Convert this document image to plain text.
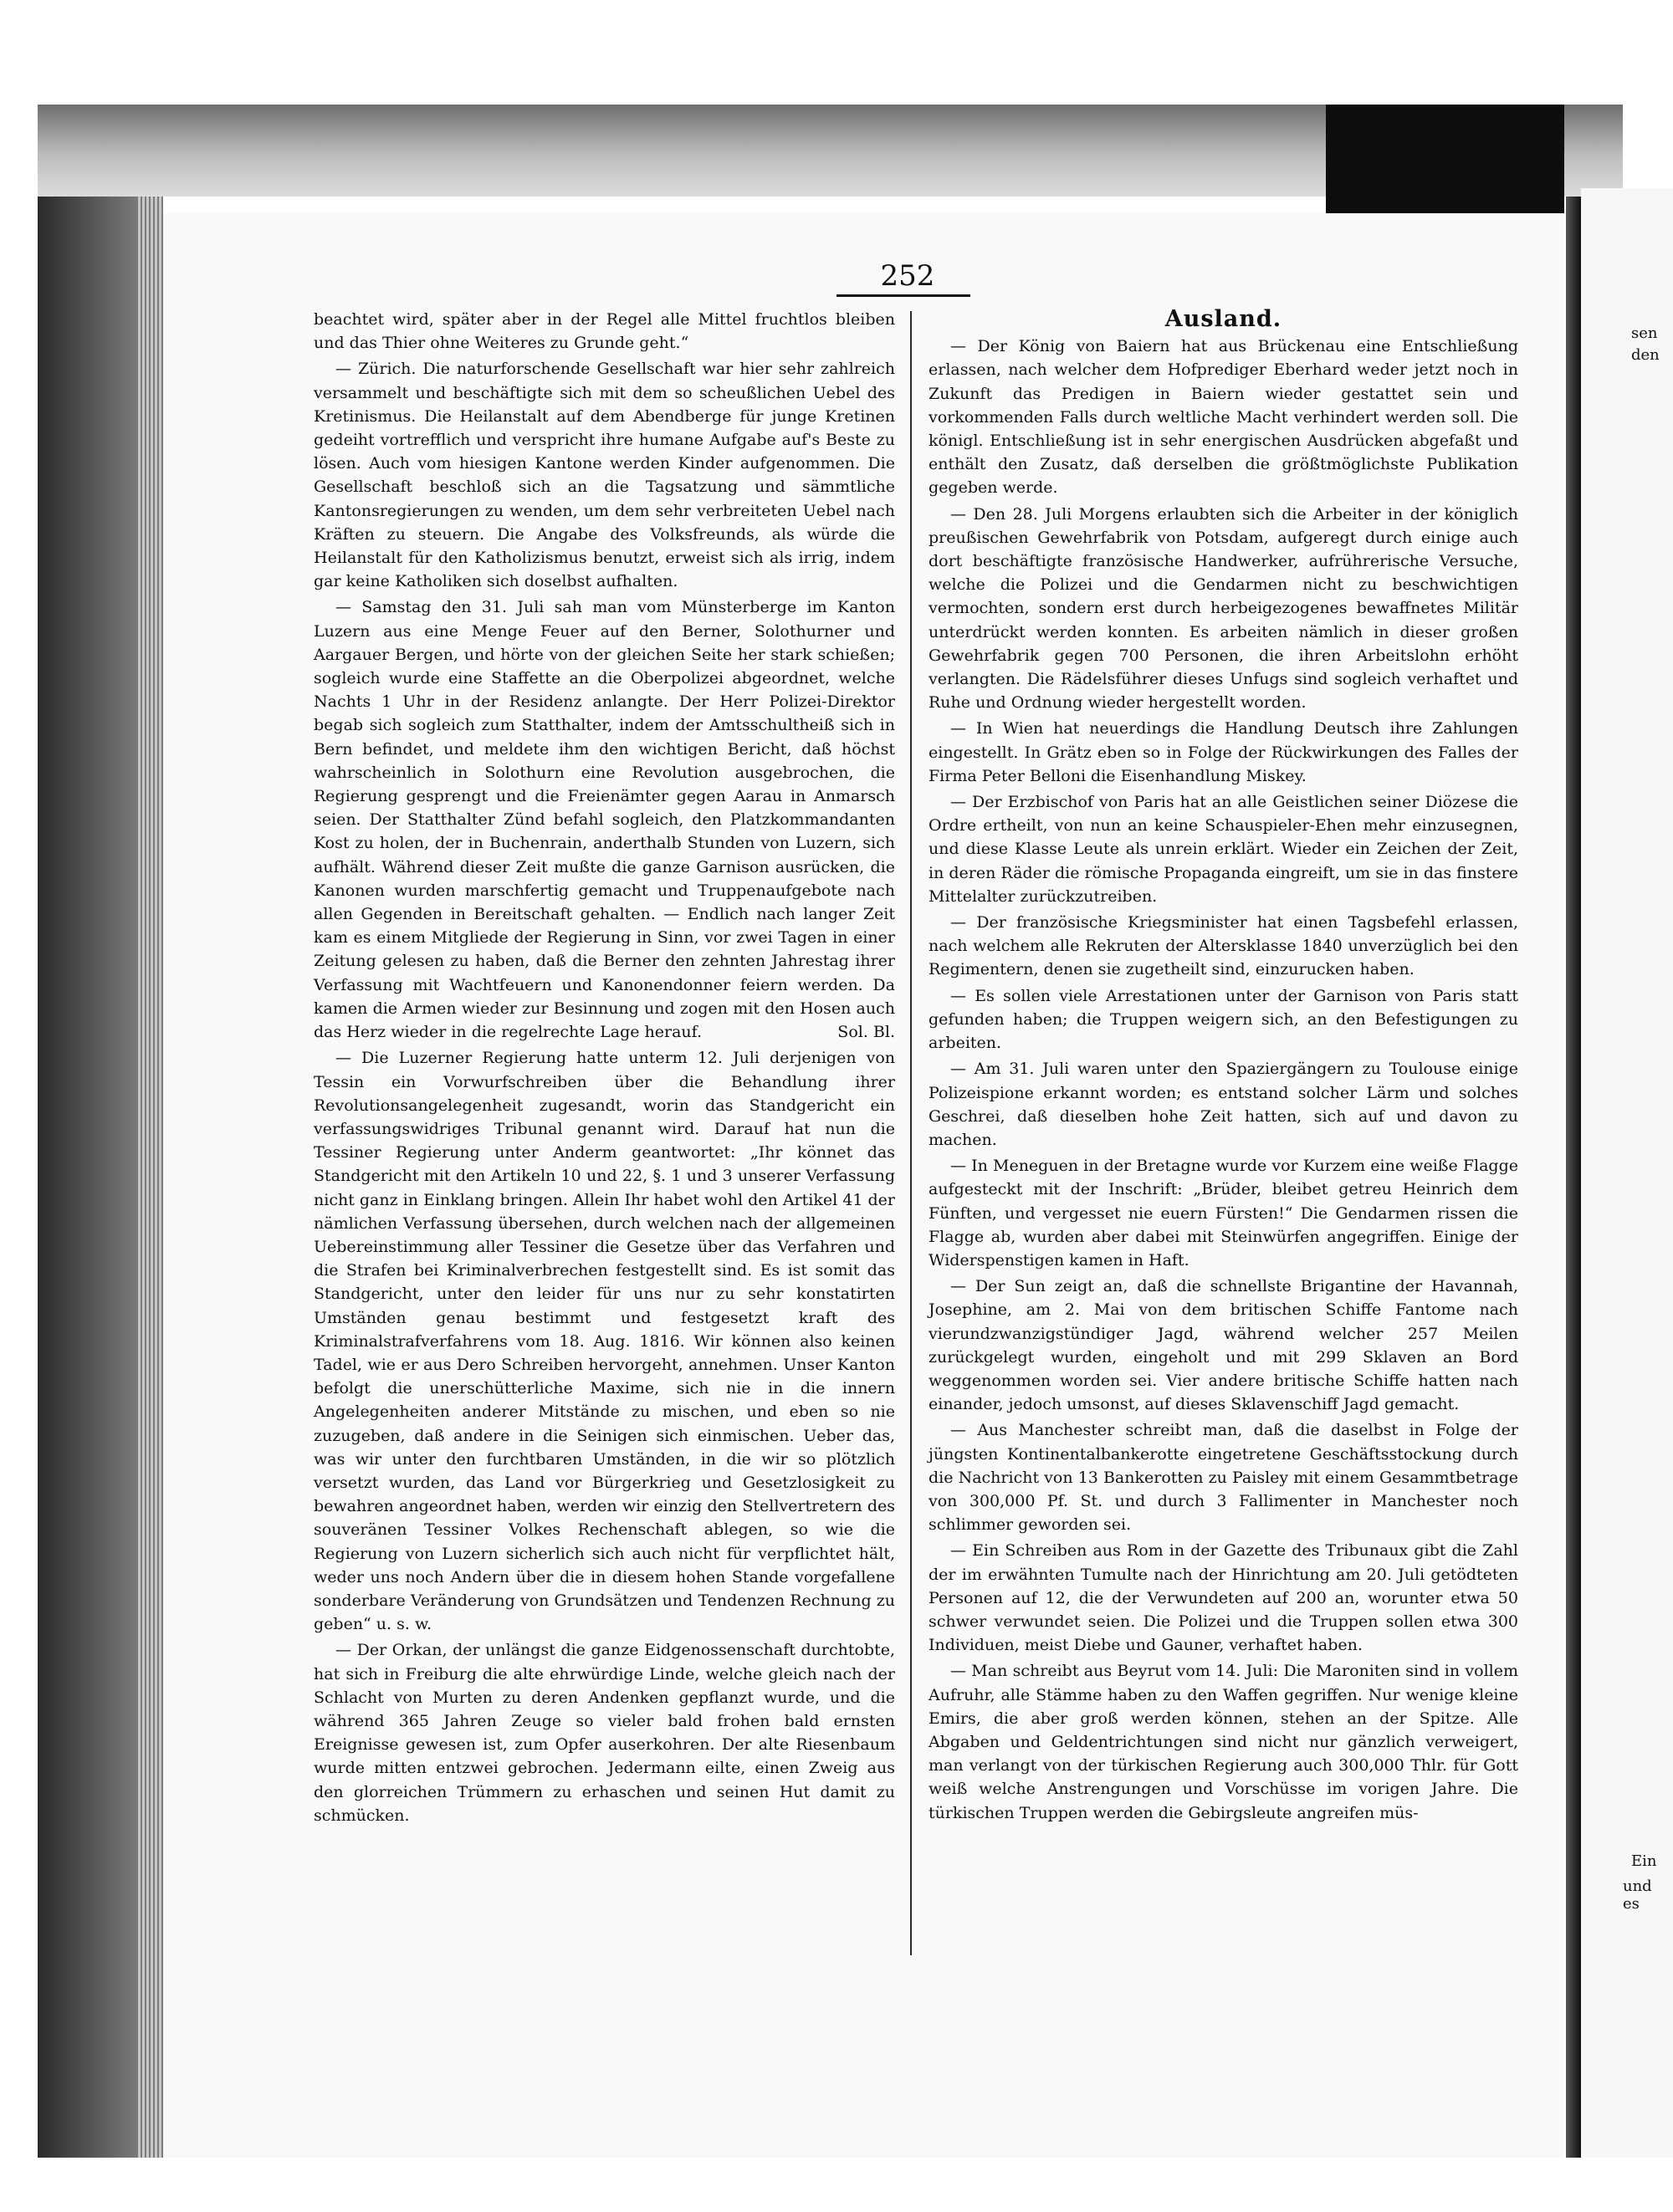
252

beachtet wird, später aber in der Regel alle Mittel fruchtlos bleiben und das Thier ohne Weiteres zu Grunde geht.“

— Zürich. Die naturforschende Gesellschaft war hier sehr zahlreich versammelt und beschäftigte sich mit dem so scheußlichen Uebel des Kretinismus. Die Heilanstalt auf dem Abendberge für junge Kretinen gedeiht vortrefflich und verspricht ihre humane Aufgabe auf's Beste zu lösen. Auch vom hiesigen Kantone werden Kinder aufgenommen. Die Gesellschaft beschloß sich an die Tagsatzung und sämmtliche Kantonsregierungen zu wenden, um dem sehr verbreiteten Uebel nach Kräften zu steuern. Die Angabe des Volksfreunds, als würde die Heilanstalt für den Katholizismus benutzt, erweist sich als irrig, indem gar keine Katholiken sich doselbst aufhalten.

— Samstag den 31. Juli sah man vom Münsterberge im Kanton Luzern aus eine Menge Feuer auf den Berner, Solothurner und Aargauer Bergen, und hörte von der gleichen Seite her stark schießen; sogleich wurde eine Staffette an die Oberpolizei abgeordnet, welche Nachts 1 Uhr in der Residenz anlangte. Der Herr Polizei-Direktor begab sich sogleich zum Statthalter, indem der Amtsschultheiß sich in Bern befindet, und meldete ihm den wichtigen Bericht, daß höchst wahrscheinlich in Solothurn eine Revolution ausgebrochen, die Regierung gesprengt und die Freienämter gegen Aarau in Anmarsch seien. Der Statthalter Zünd befahl sogleich, den Platzkommandanten Kost zu holen, der in Buchenrain, anderthalb Stunden von Luzern, sich aufhält. Während dieser Zeit mußte die ganze Garnison ausrücken, die Kanonen wurden marschfertig gemacht und Truppenaufgebote nach allen Gegenden in Bereitschaft gehalten. — Endlich nach langer Zeit kam es einem Mitgliede der Regierung in Sinn, vor zwei Tagen in einer Zeitung gelesen zu haben, daß die Berner den zehnten Jahrestag ihrer Verfassung mit Wachtfeuern und Kanonendonner feiern werden. Da kamen die Armen wieder zur Besinnung und zogen mit den Hosen auch das Herz wieder in die regelrechte Lage herauf.	Sol. Bl.

— Die Luzerner Regierung hatte unterm 12. Juli derjenigen von Tessin ein Vorwurfschreiben über die Behandlung ihrer Revolutionsangelegenheit zugesandt, worin das Standgericht ein verfassungswidriges Tribunal genannt wird. Darauf hat nun die Tessiner Regierung unter Anderm geantwortet: „Ihr könnet das Standgericht mit den Artikeln 10 und 22, §. 1 und 3 unserer Verfassung nicht ganz in Einklang bringen. Allein Ihr habet wohl den Artikel 41 der nämlichen Verfassung übersehen, durch welchen nach der allgemeinen Uebereinstimmung aller Tessiner die Gesetze über das Verfahren und die Strafen bei Kriminalverbrechen festgestellt sind. Es ist somit das Standgericht, unter den leider für uns nur zu sehr konstatirten Umständen genau bestimmt und festgesetzt kraft des Kriminalstrafverfahrens vom 18. Aug. 1816. Wir können also keinen Tadel, wie er aus Dero Schreiben hervorgeht, annehmen. Unser Kanton befolgt die unerschütterliche Maxime, sich nie in die innern Angelegenheiten anderer Mitstände zu mischen, und eben so nie zuzugeben, daß andere in die Seinigen sich einmischen. Ueber das, was wir unter den furchtbaren Umständen, in die wir so plötzlich versetzt wurden, das Land vor Bürgerkrieg und Gesetzlosigkeit zu bewahren angeordnet haben, werden wir einzig den Stellvertretern des souveränen Tessiner Volkes Rechenschaft ablegen, so wie die Regierung von Luzern sicherlich sich auch nicht für verpflichtet hält, weder uns noch Andern über die in diesem hohen Stande vorgefallene sonderbare Veränderung von Grundsätzen und Tendenzen Rechnung zu geben“ u. s. w.

— Der Orkan, der unlängst die ganze Eidgenossenschaft durchtobte, hat sich in Freiburg die alte ehrwürdige Linde, welche gleich nach der Schlacht von Murten zu deren Andenken gepflanzt wurde, und die während 365 Jahren Zeuge so vieler bald frohen bald ernsten Ereignisse gewesen ist, zum Opfer auserkohren. Der alte Riesenbaum wurde mitten entzwei gebrochen. Jedermann eilte, einen Zweig aus den glorreichen Trümmern zu erhaschen und seinen Hut damit zu schmücken.

Ausland.

— Der König von Baiern hat aus Brückenau eine Entschließung erlassen, nach welcher dem Hofprediger Eberhard weder jetzt noch in Zukunft das Predigen in Baiern wieder gestattet sein und vorkommenden Falls durch weltliche Macht verhindert werden soll. Die königl. Entschließung ist in sehr energischen Ausdrücken abgefaßt und enthält den Zusatz, daß derselben die größtmöglichste Publikation gegeben werde.

— Den 28. Juli Morgens erlaubten sich die Arbeiter in der königlich preußischen Gewehrfabrik von Potsdam, aufgeregt durch einige auch dort beschäftigte französische Handwerker, aufrührerische Versuche, welche die Polizei und die Gendarmen nicht zu beschwichtigen vermochten, sondern erst durch herbeigezogenes bewaffnetes Militär unterdrückt werden konnten. Es arbeiten nämlich in dieser großen Gewehrfabrik gegen 700 Personen, die ihren Arbeitslohn erhöht verlangten. Die Rädelsführer dieses Unfugs sind sogleich verhaftet und Ruhe und Ordnung wieder hergestellt worden.

— In Wien hat neuerdings die Handlung Deutsch ihre Zahlungen eingestellt. In Grätz eben so in Folge der Rückwirkungen des Falles der Firma Peter Belloni die Eisenhandlung Miskey.

— Der Erzbischof von Paris hat an alle Geistlichen seiner Diözese die Ordre ertheilt, von nun an keine Schauspieler-Ehen mehr einzusegnen, und diese Klasse Leute als unrein erklärt. Wieder ein Zeichen der Zeit, in deren Räder die römische Propaganda eingreift, um sie in das finstere Mittelalter zurückzutreiben.

— Der französische Kriegsminister hat einen Tagsbefehl erlassen, nach welchem alle Rekruten der Altersklasse 1840 unverzüglich bei den Regimentern, denen sie zugetheilt sind, einzurucken haben.

— Es sollen viele Arrestationen unter der Garnison von Paris statt gefunden haben; die Truppen weigern sich, an den Befestigungen zu arbeiten.

— Am 31. Juli waren unter den Spaziergängern zu Toulouse einige Polizeispione erkannt worden; es entstand solcher Lärm und solches Geschrei, daß dieselben hohe Zeit hatten, sich auf und davon zu machen.

— In Meneguen in der Bretagne wurde vor Kurzem eine weiße Flagge aufgesteckt mit der Inschrift: „Brüder, bleibet getreu Heinrich dem Fünften, und vergesset nie euern Fürsten!“ Die Gendarmen rissen die Flagge ab, wurden aber dabei mit Steinwürfen angegriffen. Einige der Widerspenstigen kamen in Haft.

— Der Sun zeigt an, daß die schnellste Brigantine der Havannah, Josephine, am 2. Mai von dem britischen Schiffe Fantome nach vierundzwanzigstündiger Jagd, während welcher 257 Meilen zurückgelegt wurden, eingeholt und mit 299 Sklaven an Bord weggenommen worden sei. Vier andere britische Schiffe hatten nach einander, jedoch umsonst, auf dieses Sklavenschiff Jagd gemacht.

— Aus Manchester schreibt man, daß die daselbst in Folge der jüngsten Kontinentalbankerotte eingetretene Geschäftsstockung durch die Nachricht von 13 Bankerotten zu Paisley mit einem Gesammtbetrage von 300,000 Pf. St. und durch 3 Fallimenter in Manchester noch schlimmer geworden sei.

— Ein Schreiben aus Rom in der Gazette des Tribunaux gibt die Zahl der im erwähnten Tumulte nach der Hinrichtung am 20. Juli getödteten Personen auf 12, die der Verwundeten auf 200 an, worunter etwa 50 schwer verwundet seien. Die Polizei und die Truppen sollen etwa 300 Individuen, meist Diebe und Gauner, verhaftet haben.

— Man schreibt aus Beyrut vom 14. Juli: Die Maroniten sind in vollem Aufruhr, alle Stämme haben zu den Waffen gegriffen. Nur wenige kleine Emirs, die aber groß werden können, stehen an der Spitze. Alle Abgaben und Geldentrichtungen sind nicht nur gänzlich verweigert, man verlangt von der türkischen Regierung auch 300,000 Thlr. für Gott weiß welche Anstrengungen und Vorschüsse im vorigen Jahre. Die türkischen Truppen werden die Gebirgsleute angreifen müs-

sen
den
Ein
und es
